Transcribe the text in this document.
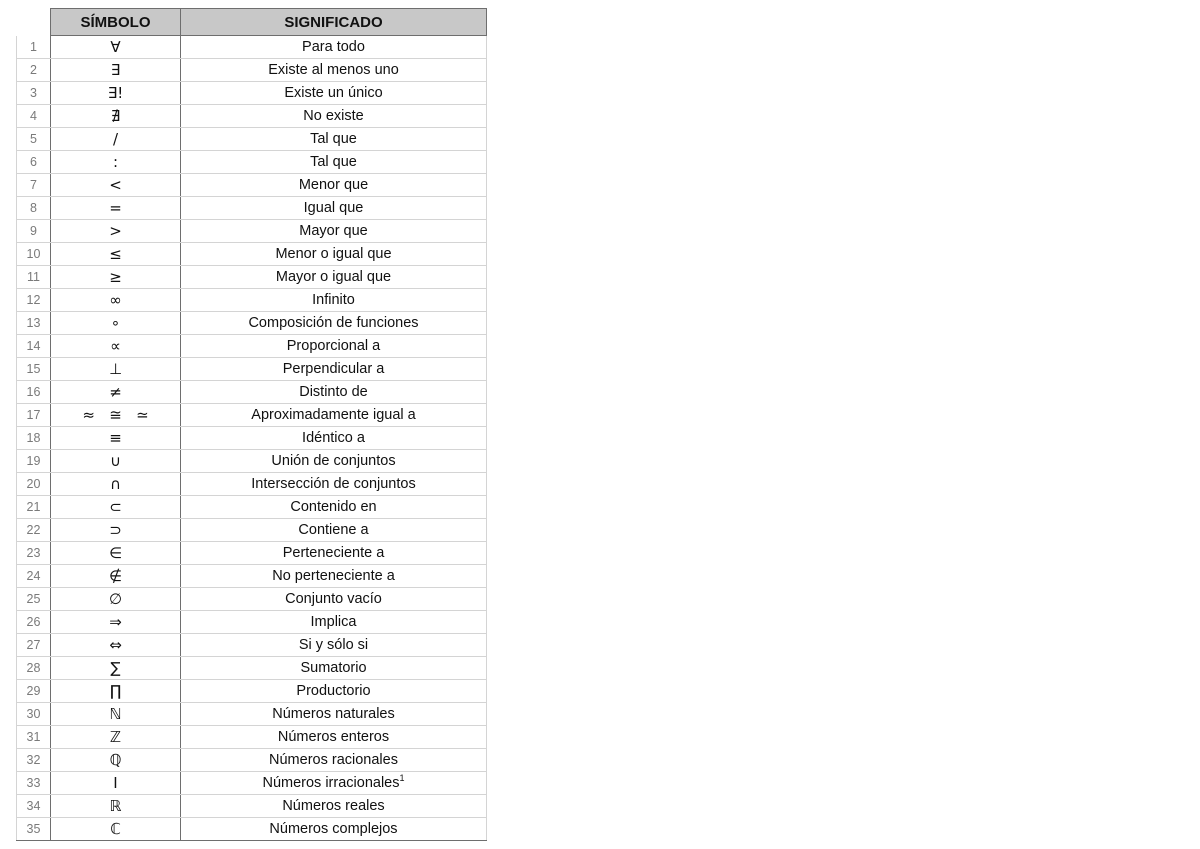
	SÍMBOLO	SIGNIFICADO
1	∀	Para todo
2	∃	Existe al menos uno
3	∃!	Existe un único
4	∄	No existe
5	/	Tal que
6	:	Tal que
7	<	Menor que
8	=	Igual que
9	>	Mayor que
10	≤	Menor o igual que
11	≥	Mayor o igual que
12	∞	Infinito
13	∘	Composición de funciones
14	∝	Proporcional a
15	⊥	Perpendicular a
16	≠	Distinto de
17	≈   ≅   ≃	Aproximadamente igual a
18	≡	Idéntico a
19	∪	Unión de conjuntos
20	∩	Intersección de conjuntos
21	⊂	Contenido en
22	⊃	Contiene a
23	∈	Perteneciente a
24	∉	No perteneciente a
25	∅	Conjunto vacío
26	⇒	Implica
27	⇔	Si y sólo si
28	∑	Sumatorio
29	∏	Productorio
30	ℕ	Números naturales
31	ℤ	Números enteros
32	ℚ	Números racionales
33	I	Números irracionales$^1$
34	ℝ	Números reales
35	ℂ	Números complejos
